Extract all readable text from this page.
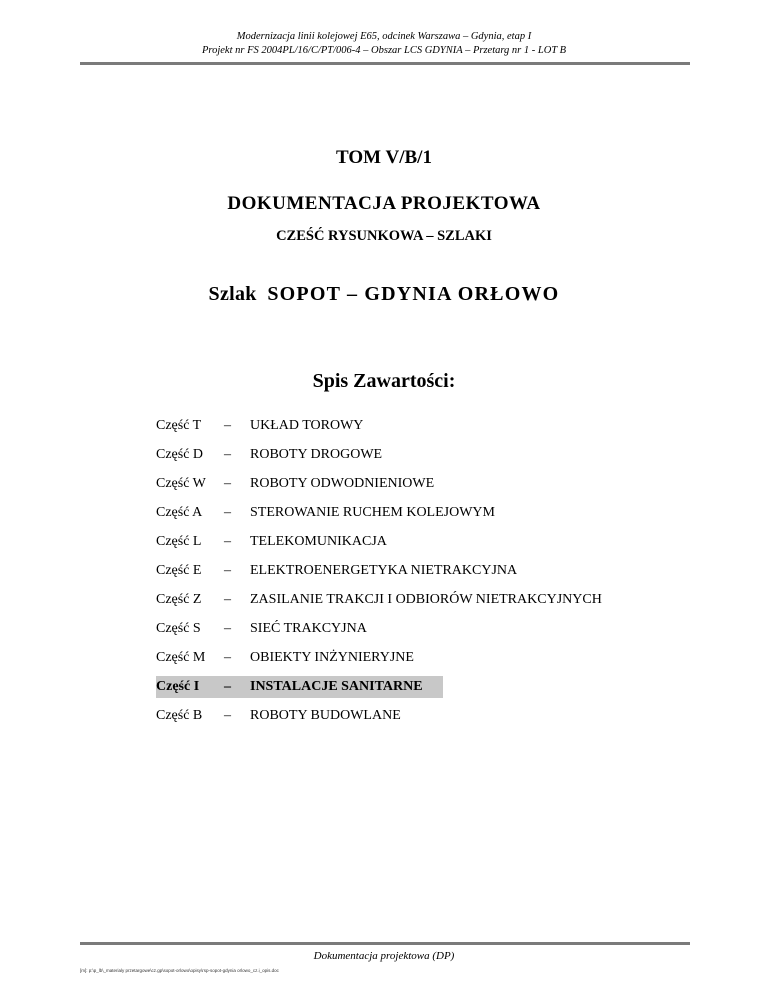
Modernizacja linii kolejowej E65, odcinek Warszawa – Gdynia, etap I
Projekt nr FS 2004PL/16/C/PT/006-4 – Obszar LCS GDYNIA – Przetarg nr 1 - LOT B
TOM V/B/1
DOKUMENTACJA PROJEKTOWA
CZEŚĆ RYSUNKOWA – SZLAKI
Szlak SOPOT – GDYNIA ORŁOWO
Spis Zawartości:
Część T – UKŁAD TOROWY
Część D – ROBOTY DROGOWE
Część W – ROBOTY ODWODNIENIOWE
Część A – STEROWANIE RUCHEM KOLEJOWYM
Część L – TELEKOMUNIKACJA
Część E – ELEKTROENERGETYKA NIETRAKCYJNA
Część Z – ZASILANIE TRAKCJI I ODBIORÓW NIETRAKCYJNYCH
Część S – SIEĆ TRAKCYJNA
Część M – OBIEKTY INŻYNIERYJNE
Część I – INSTALACJE SANITARNE
Część B – ROBOTY BUDOWLANE
Dokumentacja projektowa (DP)
[m]: p:\p_lb\_materialy przetargowe\cz.gp\sopot-orlowo\opisy\rsp-sopot-gdynia orlowo_cz.i_opis.doc
